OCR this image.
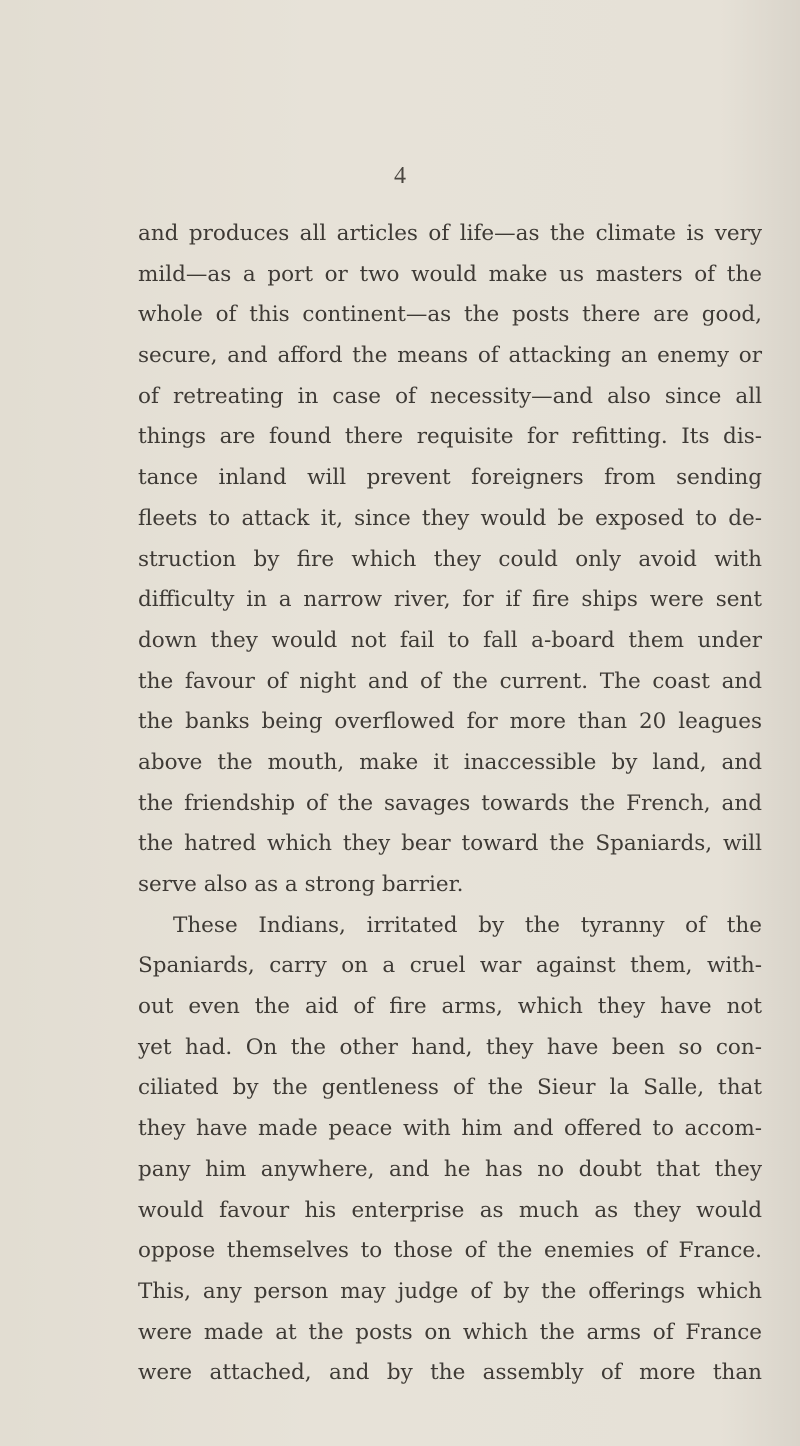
4
and produces all articles of life—as the climate is very
mild—as a port or two would make us masters of the
whole of this continent—as the posts there are good,
secure, and afford the means of attacking an enemy or
of retreating in case of necessity—and also since all
things are found there requisite for refitting. Its dis-
tance inland will prevent foreigners from sending
fleets to attack it, since they would be exposed to de-
struction by fire which they could only avoid with
difficulty in a narrow river, for if fire ships were sent
down they would not fail to fall a-board them under
the favour of night and of the current. The coast and
the banks being overflowed for more than 20 leagues
above the mouth, make it inaccessible by land, and
the friendship of the savages towards the French, and
the hatred which they bear toward the Spaniards, will
serve also as a strong barrier.
These Indians, irritated by the tyranny of the
Spaniards, carry on a cruel war against them, with-
out even the aid of fire arms, which they have not
yet had. On the other hand, they have been so con-
ciliated by the gentleness of the Sieur la Salle, that
they have made peace with him and offered to accom-
pany him anywhere, and he has no doubt that they
would favour his enterprise as much as they would
oppose themselves to those of the enemies of France.
This, any person may judge of by the offerings which
were made at the posts on which the arms of France
were attached, and by the assembly of more than
